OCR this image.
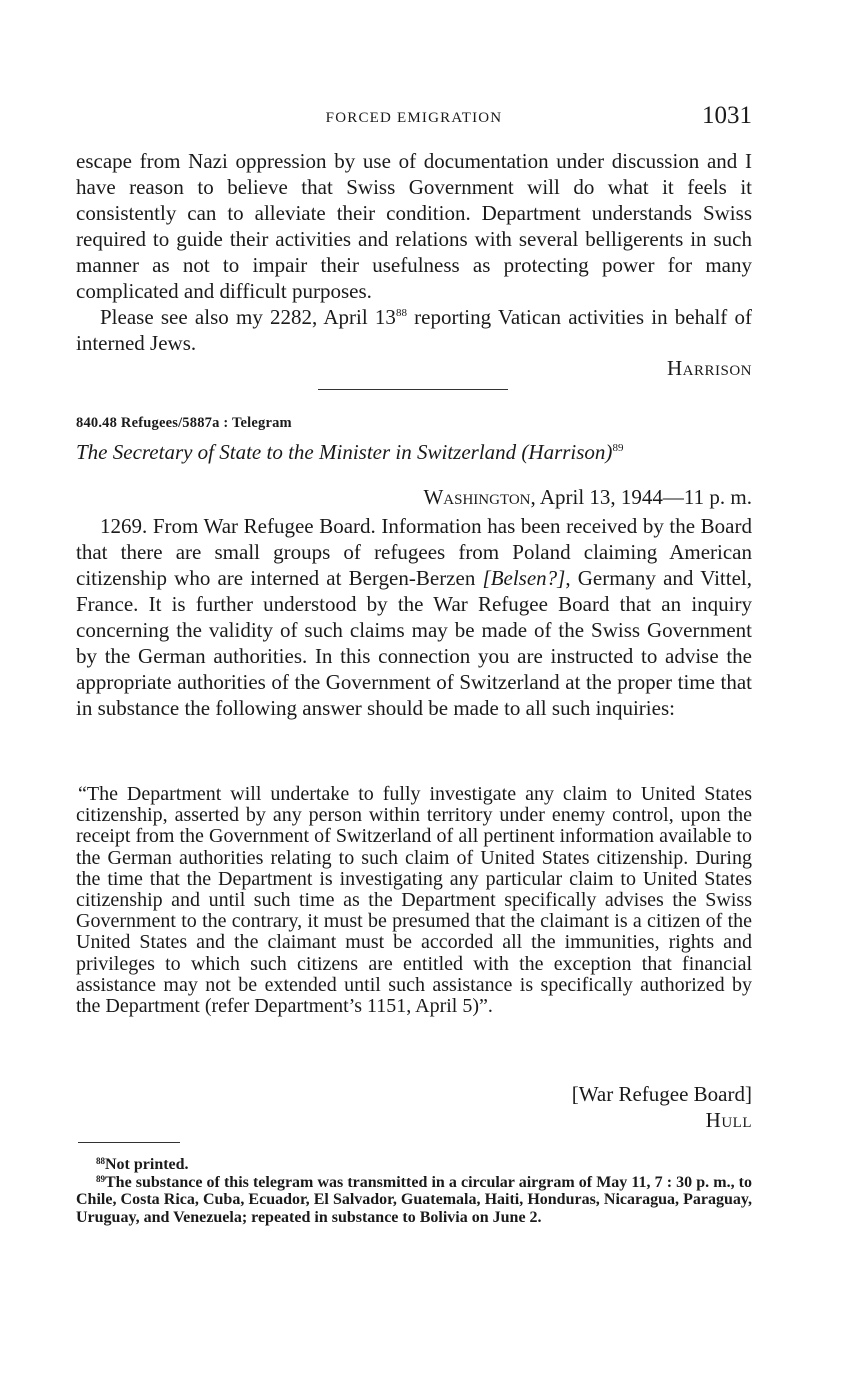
FORCED EMIGRATION	1031
escape from Nazi oppression by use of documentation under discussion and I have reason to believe that Swiss Government will do what it feels it consistently can to alleviate their condition. Department understands Swiss required to guide their activities and relations with several belligerents in such manner as not to impair their usefulness as protecting power for many complicated and difficult purposes.
Please see also my 2282, April $13^{88}$ reporting Vatican activities in behalf of interned Jews.
Harrison
840.48 Refugees/5887a : Telegram
The Secretary of State to the Minister in Switzerland (Harrison)$^{89}$
Washington, April 13, 1944—11 p. m.
1269. From War Refugee Board. Information has been received by the Board that there are small groups of refugees from Poland claiming American citizenship who are interned at Bergen-Berzen [Belsen?], Germany and Vittel, France. It is further understood by the War Refugee Board that an inquiry concerning the validity of such claims may be made of the Swiss Government by the German authorities. In this connection you are instructed to advise the appropriate authorities of the Government of Switzerland at the proper time that in substance the following answer should be made to all such inquiries:
“The Department will undertake to fully investigate any claim to United States citizenship, asserted by any person within territory under enemy control, upon the receipt from the Government of Switzerland of all pertinent information available to the German authorities relating to such claim of United States citizenship. During the time that the Department is investigating any particular claim to United States citizenship and until such time as the Department specifically advises the Swiss Government to the contrary, it must be presumed that the claimant is a citizen of the United States and the claimant must be accorded all the immunities, rights and privileges to which such citizens are entitled with the exception that financial assistance may not be extended until such assistance is specifically authorized by the Department (refer Department’s 1151, April 5)”.
[War Refugee Board]
Hull

$^{88}$Not printed.

$^{89}$The substance of this telegram was transmitted in a circular airgram of May 11, 7 : 30 p. m., to Chile, Costa Rica, Cuba, Ecuador, El Salvador, Guatemala, Haiti, Honduras, Nicaragua, Paraguay, Uruguay, and Venezuela; repeated in substance to Bolivia on June 2.
